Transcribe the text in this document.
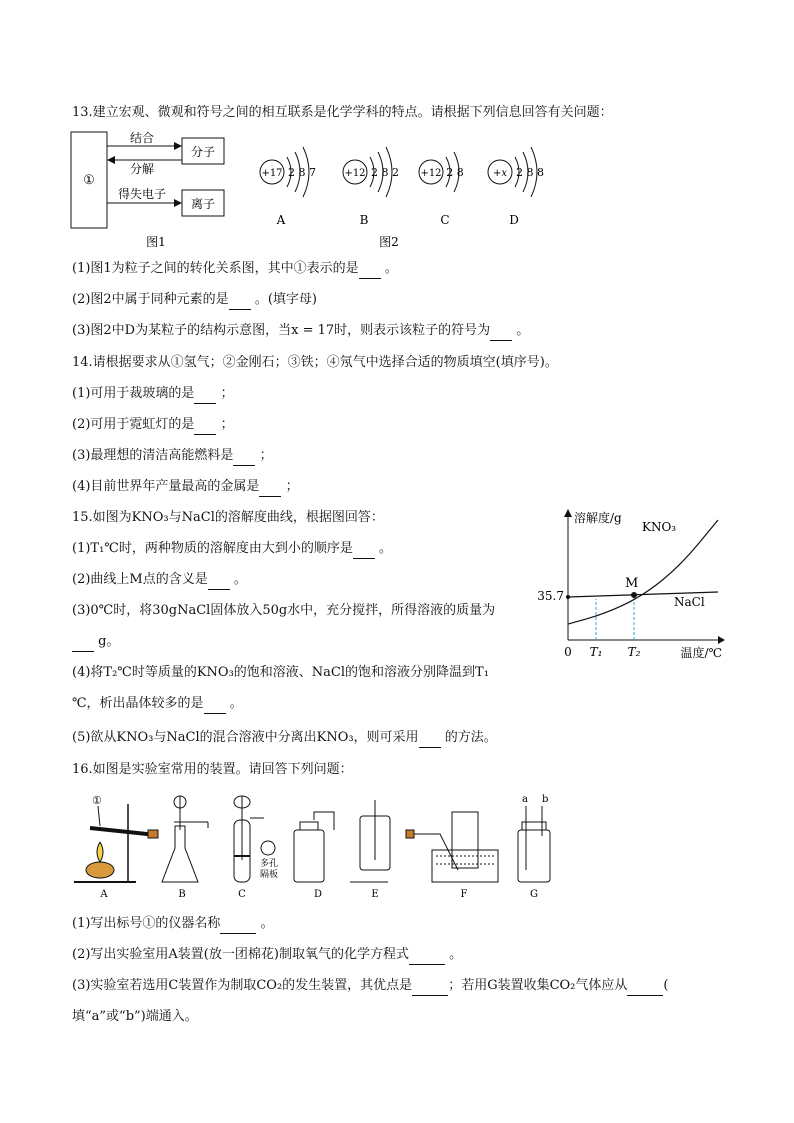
13.建立宏观、微观和符号之间的相互联系是化学学科的特点。请根据下列信息回答有关问题：
①
结合
分解
得失电子
分子
离子
图1
+17 2 8 7
A
+12 2 8 2
B
+12 2 8
C
+x 2 8 8
D
图2
(1)图1为粒子之间的转化关系图，其中①表示的是 。
(2)图2中属于同种元素的是 。(填字母)
(3)图2中D为某粒子的结构示意图，当x = 17时，则表示该粒子的符号为 。
14.请根据要求从①氢气；②金刚石；③铁；④氖气中选择合适的物质填空(填序号)。
(1)可用于裁玻璃的是 ；
(2)可用于霓虹灯的是 ；
(3)最理想的清洁高能燃料是 ；
(4)目前世界年产量最高的金属是 ；
15.如图为KNO₃与NaCl的溶解度曲线，根据图回答：
(1)T₁℃时，两种物质的溶解度由大到小的顺序是 。
(2)曲线上M点的含义是 。
(3)0℃时，将30gNaCl固体放入50g水中，充分搅拌，所得溶液的质量为
g。
(4)将T₂℃时等质量的KNO₃的饱和溶液、NaCl的饱和溶液分别降温到T₁
℃，析出晶体较多的是 。
(5)欲从KNO₃与NaCl的混合溶液中分离出KNO₃，则可采用 的方法。
溶解度/g
温度/℃
0 T₁ T₂
35.7
M
KNO₃
NaCl
16.如图是实验室常用的装置。请回答下列问题：
①
A	B
多孔
隔板
C	D	E	F
a b
G
(1)写出标号①的仪器名称	。
(2)写出实验室用A装置(放一团棉花)制取氧气的化学方程式	。
(3)实验室若选用C装置作为制取CO₂的发生装置，其优点是	；若用G装置收集CO₂气体应从	(
填“a”或“b”)端通入。
